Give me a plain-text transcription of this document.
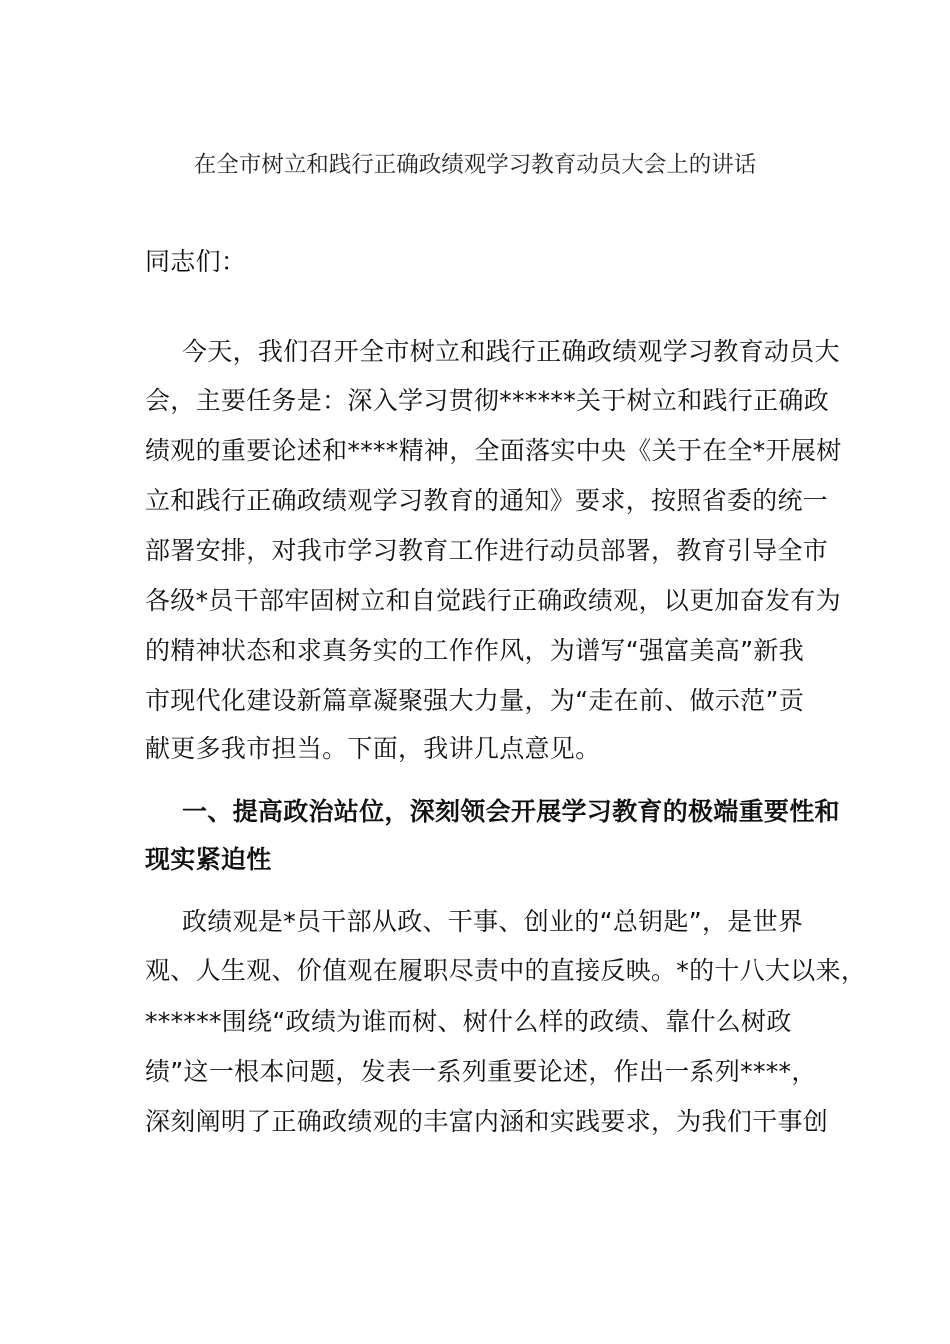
在全市树立和践行正确政绩观学习教育动员大会上的讲话
同志们：
今天，我们召开全市树立和践行正确政绩观学习教育动员大
会，主要任务是：深入学习贯彻******关于树立和践行正确政
绩观的重要论述和****精神，全面落实中央《关于在全*开展树
立和践行正确政绩观学习教育的通知》要求，按照省委的统一
部署安排，对我市学习教育工作进行动员部署，教育引导全市
各级*员干部牢固树立和自觉践行正确政绩观，以更加奋发有为
的精神状态和求真务实的工作作风，为谱写“强富美高”新我
市现代化建设新篇章凝聚强大力量，为“走在前、做示范”贡
献更多我市担当。下面，我讲几点意见。
一、提高政治站位，深刻领会开展学习教育的极端重要性和
现实紧迫性
政绩观是*员干部从政、干事、创业的“总钥匙”，是世界
观、人生观、价值观在履职尽责中的直接反映。*的十八大以来，
******围绕“政绩为谁而树、树什么样的政绩、靠什么树政
绩”这一根本问题，发表一系列重要论述，作出一系列****，
深刻阐明了正确政绩观的丰富内涵和实践要求，为我们干事创
